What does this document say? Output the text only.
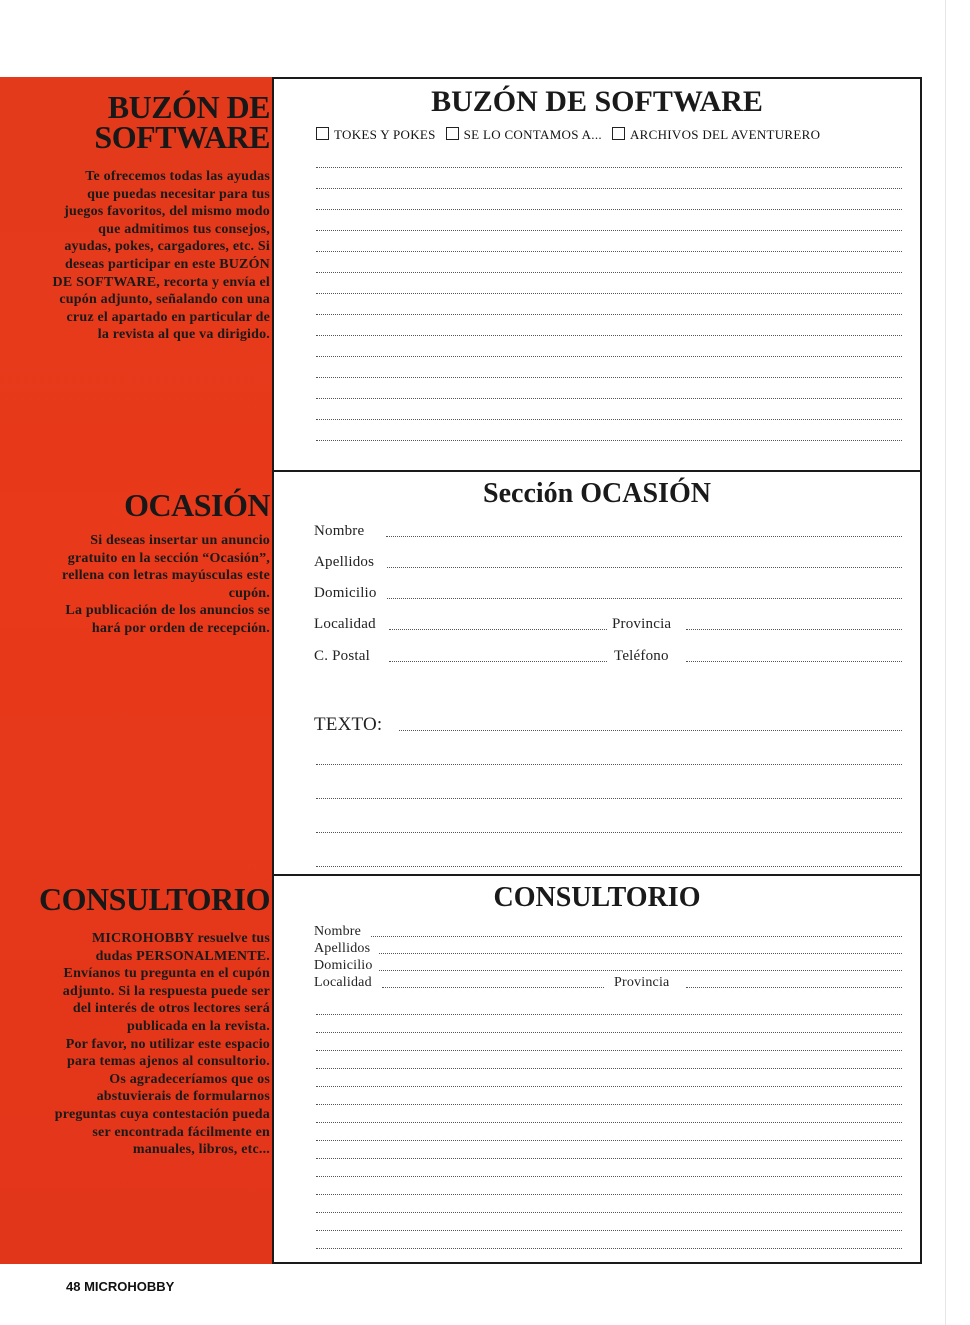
BUZÓN DE
SOFTWARE
Te ofrecemos todas las ayudas
que puedas necesitar para tus
juegos favoritos, del mismo modo
que admitimos tus consejos,
ayudas, pokes, cargadores, etc. Si
deseas participar en este BUZÓN
DE SOFTWARE, recorta y envía el
cupón adjunto, señalando con una
cruz el apartado en particular de
la revista al que va dirigido.
OCASIÓN
Si deseas insertar un anuncio
gratuito en la sección “Ocasión”,
rellena con letras mayúsculas este
cupón.
La publicación de los anuncios se
hará por orden de recepción.
CONSULTORIO
MICROHOBBY resuelve tus
dudas PERSONALMENTE.
Envíanos tu pregunta en el cupón
adjunto. Si la respuesta puede ser
del interés de otros lectores será
publicada en la revista.
Por favor, no utilizar este espacio
para temas ajenos al consultorio.
Os agradeceríamos que os
abstuvierais de formularnos
preguntas cuya contestación pueda
ser encontrada fácilmente en
manuales, libros, etc...
BUZÓN DE SOFTWARE
TOKES Y POKES SE LO CONTAMOS A... ARCHIVOS DEL AVENTURERO
Sección OCASIÓN
Nombre
Apellidos
Domicilio
Localidad	Provincia
C. Postal	Teléfono
TEXTO:
CONSULTORIO
Nombre
Apellidos
Domicilio
Localidad	Provincia
48 MICROHOBBY
